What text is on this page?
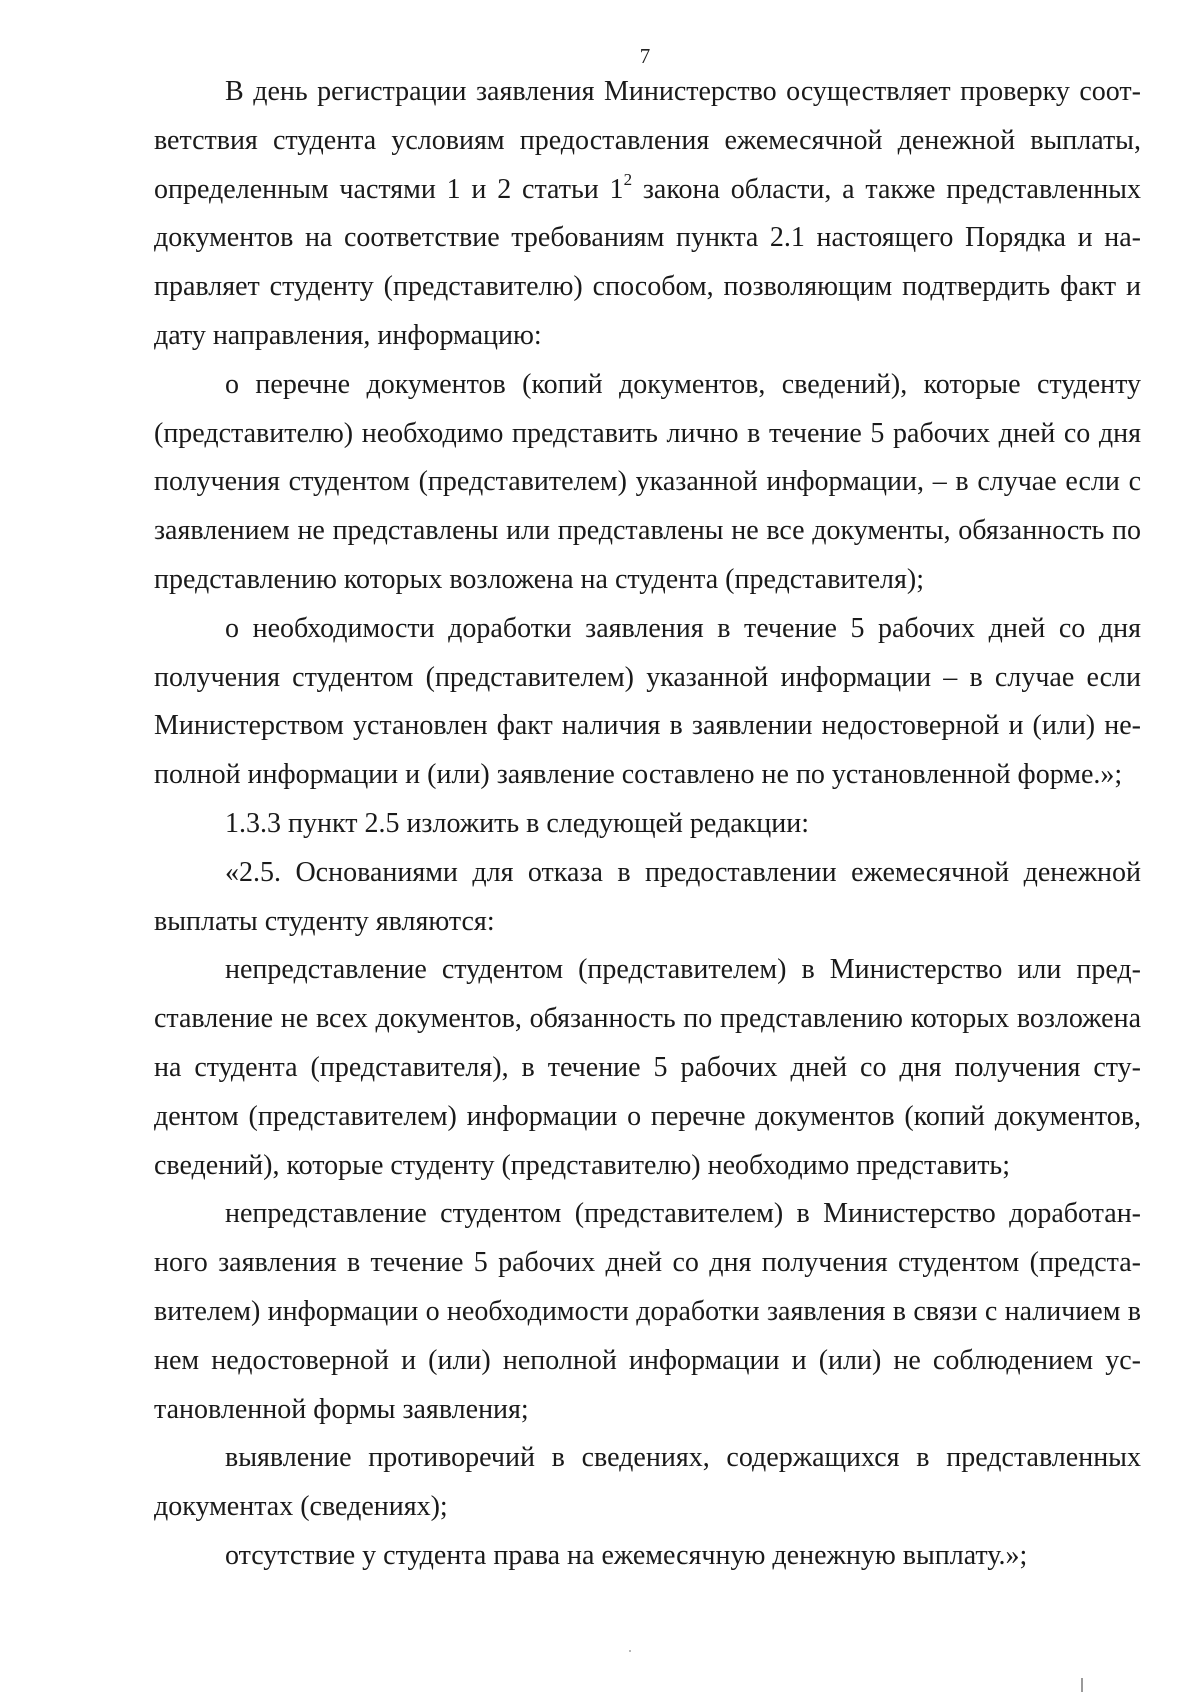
7

В день регистрации заявления Министерство осуществляет проверку соответствия студента условиям предоставления ежемесячной денежной выплаты, определенным частями 1 и 2 статьи $1^2$ закона области, а также представленных документов на соответствие требованиям пункта 2.1 настоящего Порядка и направляет студенту (представителю) способом, позволяющим подтвердить факт и дату направления, информацию:

о перечне документов (копий документов, сведений), которые студенту (представителю) необходимо представить лично в течение 5 рабочих дней со дня получения студентом (представителем) указанной информации, – в случае если с заявлением не представлены или представлены не все документы, обязанность по представлению которых возложена на студента (представителя);

о необходимости доработки заявления в течение 5 рабочих дней со дня получения студентом (представителем) указанной информации – в случае если Министерством установлен факт наличия в заявлении недостоверной и (или) неполной информации и (или) заявление составлено не по установленной форме.»;

1.3.3 пункт 2.5 изложить в следующей редакции:

«2.5. Основаниями для отказа в предоставлении ежемесячной денежной выплаты студенту являются:

непредставление студентом (представителем) в Министерство или представление не всех документов, обязанность по представлению которых возложена на студента (представителя), в течение 5 рабочих дней со дня получения студентом (представителем) информации о перечне документов (копий документов, сведений), которые студенту (представителю) необходимо представить;

непредставление студентом (представителем) в Министерство доработанного заявления в течение 5 рабочих дней со дня получения студентом (представителем) информации о необходимости доработки заявления в связи с наличием в нем недостоверной и (или) неполной информации и (или) не соблюдением установленной формы заявления;

выявление противоречий в сведениях, содержащихся в представленных документах (сведениях);

отсутствие у студента права на ежемесячную денежную выплату.»;
